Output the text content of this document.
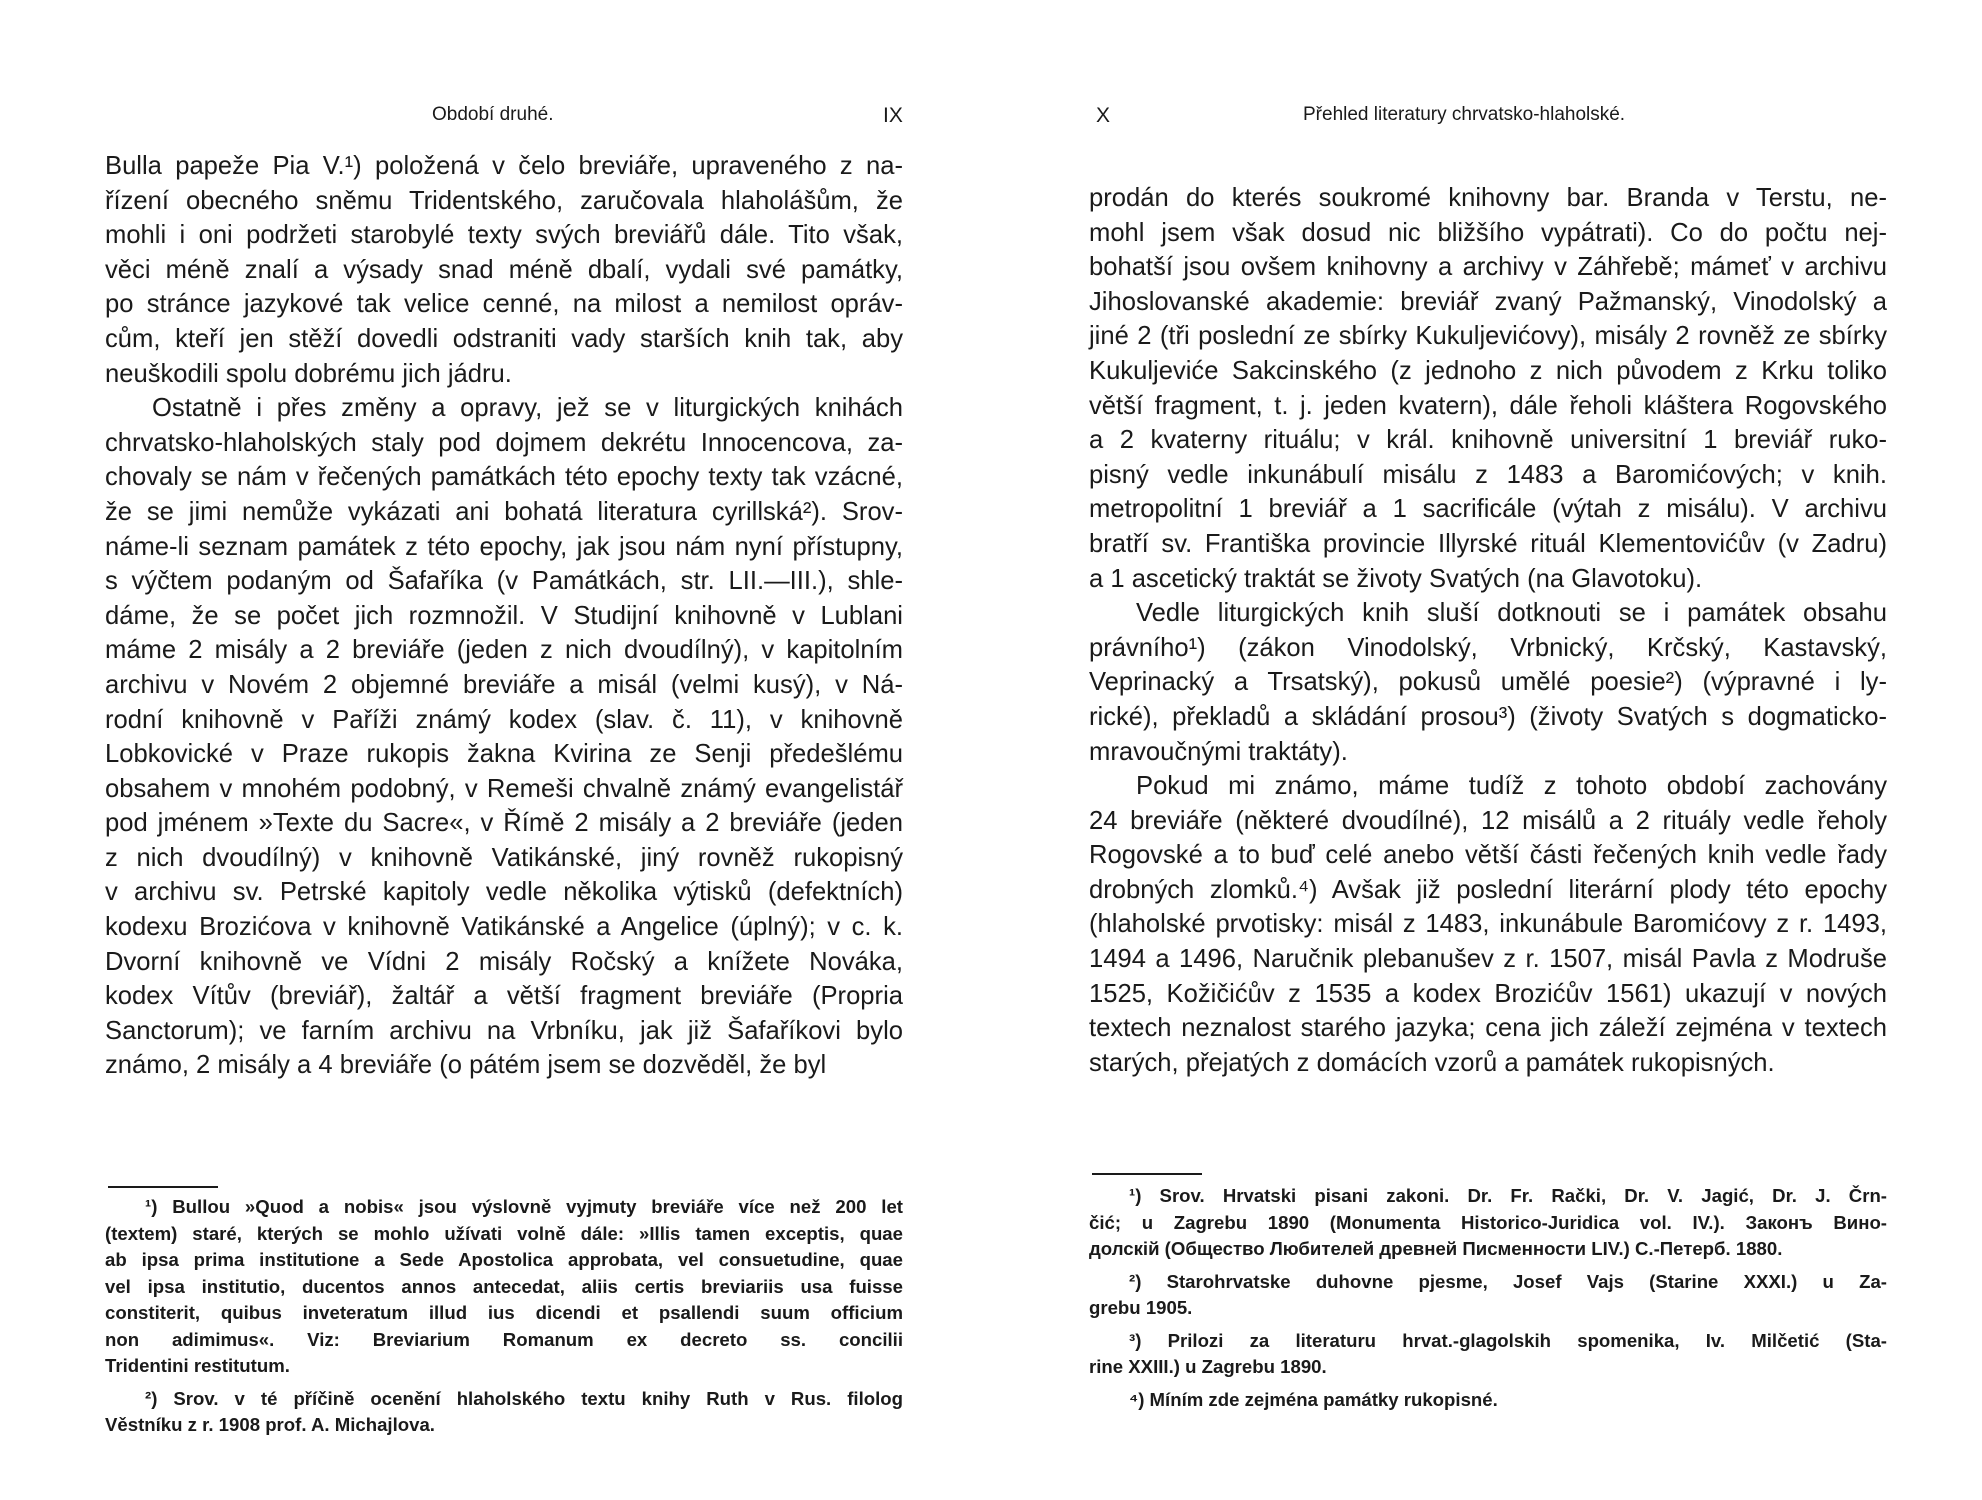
Období druhé.	IX
Bulla papeže Pia V.¹) položená v čelo breviáře, upraveného z na-
řízení obecného sněmu Tridentského, zaručovala hlaholášům, že
mohli i oni podržeti starobylé texty svých breviářů dále. Tito však,
věci méně znalí a výsady snad méně dbalí, vydali své památky,
po stránce jazykové tak velice cenné, na milost a nemilost opráv-
cům, kteří jen stěží dovedli odstraniti vady starších knih tak, aby
neuškodili spolu dobrému jich jádru.
Ostatně i přes změny a opravy, jež se v liturgických knihách
chrvatsko-hlaholských staly pod dojmem dekrétu Innocencova, za-
chovaly se nám v řečených památkách této epochy texty tak vzácné,
že se jimi nemůže vykázati ani bohatá literatura cyrillská²). Srov-
náme-li seznam památek z této epochy, jak jsou nám nyní přístupny,
s výčtem podaným od Šafaříka (v Památkách, str. LII.—III.), shle-
dáme, že se počet jich rozmnožil. V Studijní knihovně v Lublani
máme 2 misály a 2 breviáře (jeden z nich dvoudílný), v kapitolním
archivu v Novém 2 objemné breviáře a misál (velmi kusý), v Ná-
rodní knihovně v Paříži známý kodex (slav. č. 11), v knihovně
Lobkovické v Praze rukopis žakna Kvirina ze Senji předešlému
obsahem v mnohém podobný, v Remeši chvalně známý evangelistář
pod jménem »Texte du Sacre«, v Římě 2 misály a 2 breviáře (jeden
z nich dvoudílný) v knihovně Vatikánské, jiný rovněž rukopisný
v archivu sv. Petrské kapitoly vedle několika výtisků (defektních)
kodexu Brozićova v knihovně Vatikánské a Angelice (úplný); v c. k.
Dvorní knihovně ve Vídni 2 misály Ročský a knížete Nováka,
kodex Vítův (breviář), žaltář a větší fragment breviáře (Propria
Sanctorum); ve farním archivu na Vrbníku, jak již Šafaříkovi bylo
známo, 2 misály a 4 breviáře (o pátém jsem se dozvěděl, že byl
¹) Bullou »Quod a nobis« jsou výslovně vyjmuty breviáře více než 200 let
(textem) staré, kterých se mohlo užívati volně dále: »Illis tamen exceptis, quae
ab ipsa prima institutione a Sede Apostolica approbata, vel consuetudine, quae
vel ipsa institutio, ducentos annos antecedat, aliis certis breviariis usa fuisse
constiterit, quibus inveteratum illud ius dicendi et psallendi suum officium
non adimimus«. Viz: Breviarium Romanum ex decreto ss. concilii
Tridentini restitutum.
²) Srov. v té příčině ocenění hlaholského textu knihy Ruth v Rus. filolog
Věstníku z r. 1908 prof. A. Michajlova.
X	Přehled literatury chrvatsko-hlaholské.
prodán do kterés soukromé knihovny bar. Branda v Terstu, ne-
mohl jsem však dosud nic bližšího vypátrati). Co do počtu nej-
bohatší jsou ovšem knihovny a archivy v Záhřebě; mámeť v archivu
Jihoslovanské akademie: breviář zvaný Pažmanský, Vinodolský a
jiné 2 (tři poslední ze sbírky Kukuljevićovy), misály 2 rovněž ze sbírky
Kukuljeviće Sakcinského (z jednoho z nich původem z Krku toliko
větší fragment, t. j. jeden kvatern), dále řeholi kláštera Rogovského
a 2 kvaterny rituálu; v král. knihovně universitní 1 breviář ruko-
pisný vedle inkunábulí misálu z 1483 a Baromićových; v knih.
metropolitní 1 breviář a 1 sacrificále (výtah z misálu). V archivu
bratří sv. Františka provincie Illyrské rituál Klementovićův (v Zadru)
a 1 ascetický traktát se životy Svatých (na Glavotoku).
Vedle liturgických knih sluší dotknouti se i památek obsahu
právního¹) (zákon Vinodolský, Vrbnický, Krčský, Kastavský,
Veprinacký a Trsatský), pokusů umělé poesie²) (výpravné i ly-
rické), překladů a skládání prosou³) (životy Svatých s dogmaticko-
mravoučnými traktáty).
Pokud mi známo, máme tudíž z tohoto období zachovány
24 breviáře (některé dvoudílné), 12 misálů a 2 rituály vedle řeholy
Rogovské a to buď celé anebo větší části řečených knih vedle řady
drobných zlomků.⁴) Avšak již poslední literární plody této epochy
(hlaholské prvotisky: misál z 1483, inkunábule Baromićovy z r. 1493,
1494 a 1496, Naručnik plebanušev z r. 1507, misál Pavla z Modruše
1525, Kožičićův z 1535 a kodex Brozićův 1561) ukazují v nových
textech neznalost starého jazyka; cena jich záleží zejména v textech
starých, přejatých z domácích vzorů a památek rukopisných.
¹) Srov. Hrvatski pisani zakoni. Dr. Fr. Rački, Dr. V. Jagić, Dr. J. Črn-
čić; u Zagrebu 1890 (Monumenta Historico-Juridica vol. IV.). Законъ Вино-
долскій (Общество Любителей древней Писменности LIV.) С.-Петерб. 1880.
²) Starohrvatske duhovne pjesme, Josef Vajs (Starine XXXI.) u Za-
grebu 1905.
³) Prilozi za literaturu hrvat.-glagolskih spomenika, Iv. Milčetić (Sta-
rine XXIII.) u Zagrebu 1890.
⁴) Míním zde zejména památky rukopisné.
